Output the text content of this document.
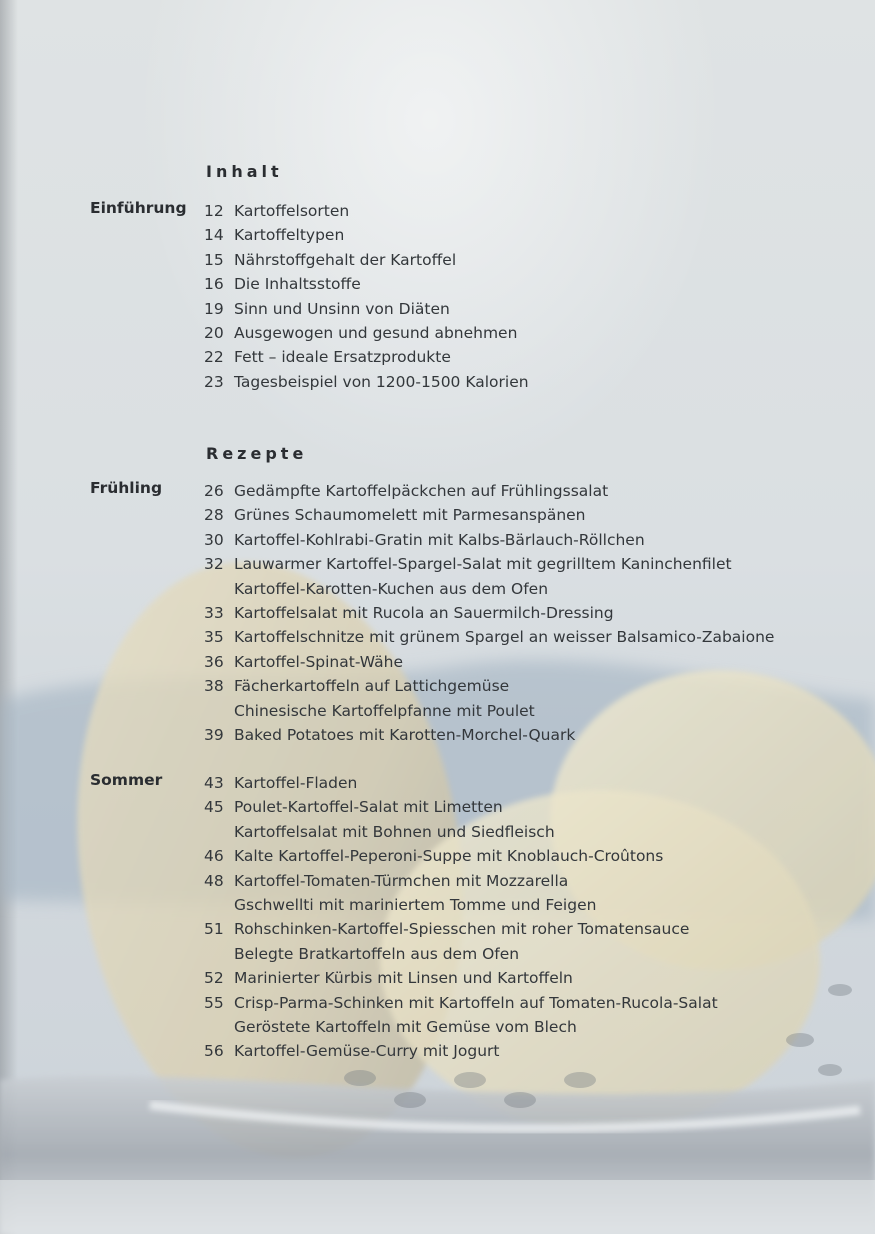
Inhalt
Einführung 12 Kartoffelsorten
14 Kartoffeltypen
15 Nährstoffgehalt der Kartoffel
16 Die Inhaltsstoffe
19 Sinn und Unsinn von Diäten
20 Ausgewogen und gesund abnehmen
22 Fett – ideale Ersatzprodukte
23 Tagesbeispiel von 1200-1500 Kalorien
Rezepte
Frühling	26 Gedämpfte Kartoffelpäckchen auf Frühlingssalat
28 Grünes Schaumomelett mit Parmesanspänen
30 Kartoffel-Kohlrabi-Gratin mit Kalbs-Bärlauch-Röllchen
32 Lauwarmer Kartoffel-Spargel-Salat mit gegrilltem Kaninchenfilet
Kartoffel-Karotten-Kuchen aus dem Ofen
33 Kartoffelsalat mit Rucola an Sauermilch-Dressing
35 Kartoffelschnitze mit grünem Spargel an weisser Balsamico-Zabaione
36 Kartoffel-Spinat-Wähe
38 Fächerkartoffeln auf Lattichgemüse
Chinesische Kartoffelpfanne mit Poulet
39 Baked Potatoes mit Karotten-Morchel-Quark
Sommer	43 Kartoffel-Fladen
45 Poulet-Kartoffel-Salat mit Limetten
Kartoffelsalat mit Bohnen und Siedfleisch
46 Kalte Kartoffel-Peperoni-Suppe mit Knoblauch-Croûtons
48 Kartoffel-Tomaten-Türmchen mit Mozzarella
Gschwellti mit mariniertem Tomme und Feigen
51 Rohschinken-Kartoffel-Spiesschen mit roher Tomatensauce
Belegte Bratkartoffeln aus dem Ofen
52 Marinierter Kürbis mit Linsen und Kartoffeln
55 Crisp-Parma-Schinken mit Kartoffeln auf Tomaten-Rucola-Salat
Geröstete Kartoffeln mit Gemüse vom Blech
56 Kartoffel-Gemüse-Curry mit Jogurt
